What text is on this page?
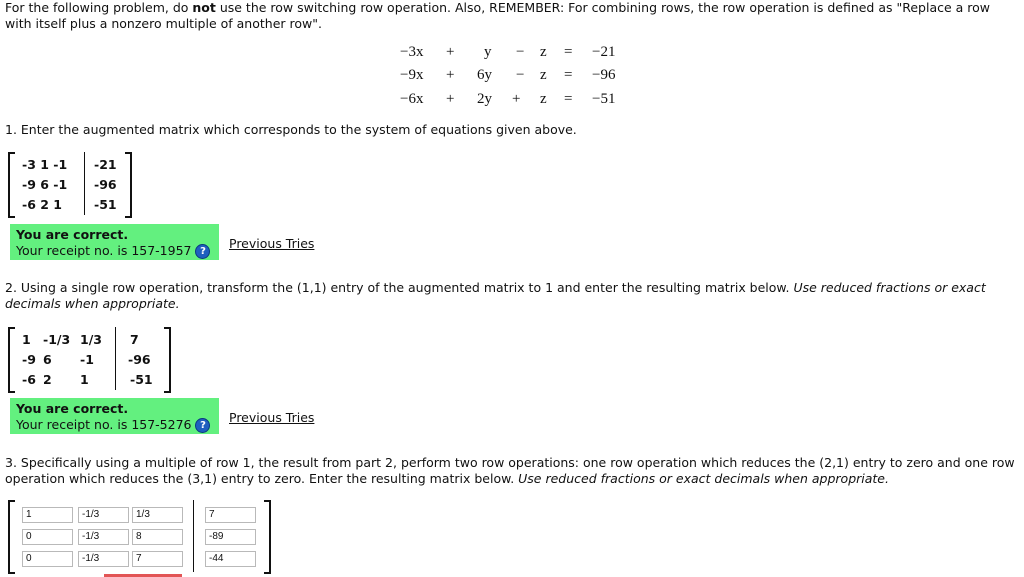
For the following problem, do not use the row switching row operation. Also, REMEMBER: For combining rows, the row operation is defined as "Replace a row with itself plus a nonzero multiple of another row".
−3x + y − z = −21
−9x + 6y − z = −96
−6x + 2y + z = −51
1. Enter the augmented matrix which corresponds to the system of equations given above.
-3 1 -1 -21
-9 6 -1 -96
-6 2 1	-51
You are correct.
Your receipt no. is 157-1957 ?
Previous Tries
2. Using a single row operation, transform the (1,1) entry of the augmented matrix to 1 and enter the resulting matrix below. Use reduced fractions or exact decimals when appropriate.
1 -1/3 1/3 7
-9 6 -1	-96
-6 2 1	-51
You are correct.
Your receipt no. is 157-5276 ?
Previous Tries
3. Specifically using a multiple of row 1, the result from part 2, perform two row operations: one row operation which reduces the (2,1) entry to zero and one row operation which reduces the (3,1) entry to zero. Enter the resulting matrix below. Use reduced fractions or exact decimals when appropriate.
1	-1/3	1/3	7
0	-1/3	8	-89
0	-1/3	7	-44
